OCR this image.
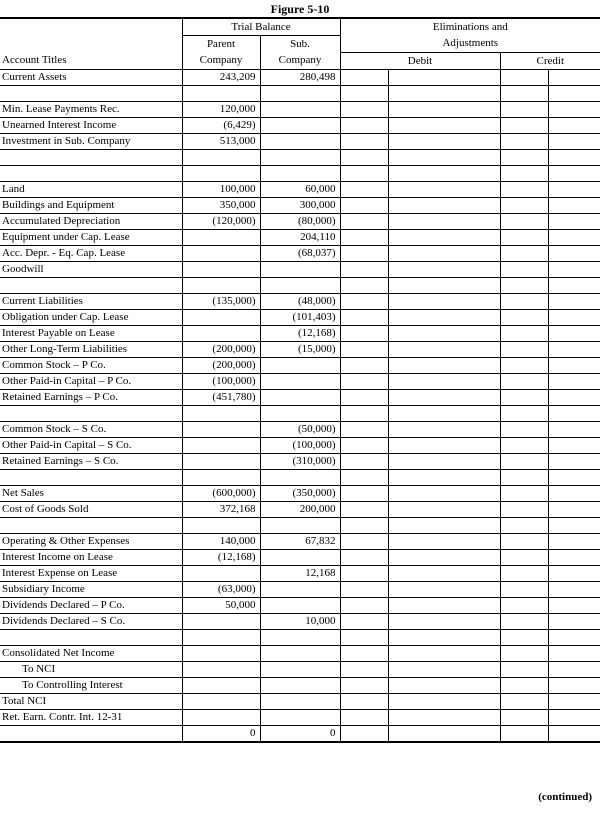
Figure 5-10
	Trial Balance		Eliminations and			
	Parent	Sub.	Adjustments			
Account Titles	Company	Company	Debit		Credit	
Current Assets	243,209	280,498				

Min. Lease Payments Rec.	120,000					
Unearned Interest Income	(6,429)					
Investment in Sub. Company	513,000					

Land	100,000	60,000				
Buildings and Equipment	350,000	300,000				
Accumulated Depreciation	(120,000)	(80,000)				
Equipment under Cap. Lease		204,110				
Acc. Depr. - Eq. Cap. Lease		(68,037)				
Goodwill						

Current Liabilities	(135,000)	(48,000)				
Obligation under Cap. Lease		(101,403)				
Interest Payable on Lease		(12,168)				
Other Long-Term Liabilities	(200,000)	(15,000)				
Common Stock – P Co.	(200,000)					
Other Paid-in Capital – P Co.	(100,000)					
Retained Earnings – P Co.	(451,780)					

Common Stock – S Co.		(50,000)				
Other Paid-in Capital – S Co.		(100,000)				
Retained Earnings – S Co.		(310,000)				

Net Sales	(600,000)	(350,000)				
Cost of Goods Sold	372,168	200,000				

Operating & Other Expenses	140,000	67,832				
Interest Income on Lease	(12,168)					
Interest Expense on Lease		12,168				
Subsidiary Income	(63,000)					
Dividends Declared – P Co.	50,000					
Dividends Declared – S Co.		10,000				

Consolidated Net Income						
To NCI						
To Controlling Interest						
Total NCI						
Ret. Earn. Contr. Int. 12-31						
	0	0				
(continued)
